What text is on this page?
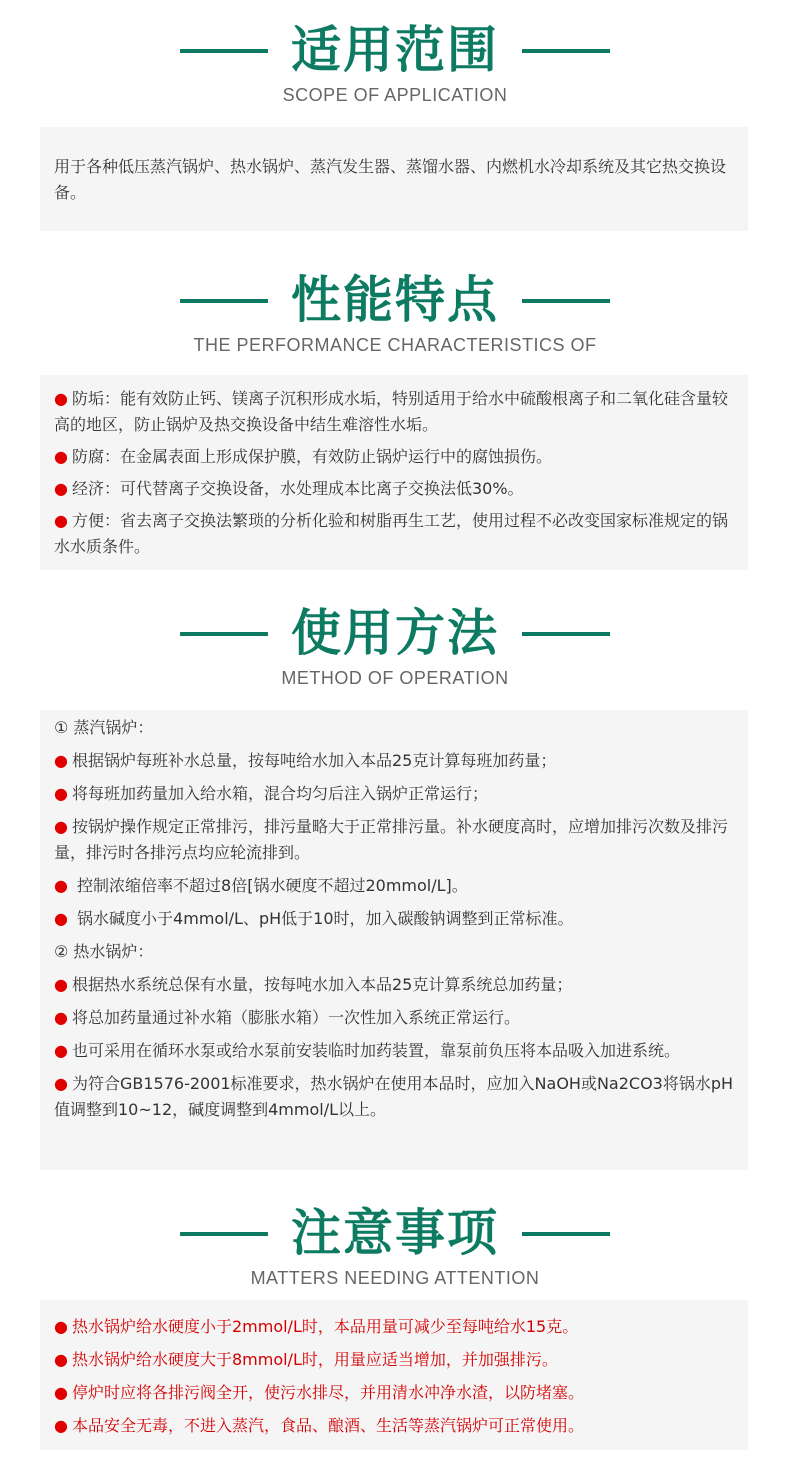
适用范围
SCOPE OF APPLICATION
用于各种低压蒸汽锅炉、热水锅炉、蒸汽发生器、蒸馏水器、内燃机水冷却系统及其它热交换设备。
性能特点
THE PERFORMANCE CHARACTERISTICS OF
● 防垢：能有效防止钙、镁离子沉积形成水垢，特别适用于给水中硫酸根离子和二氧化硅含量较高的地区，防止锅炉及热交换设备中结生难溶性水垢。
● 防腐：在金属表面上形成保护膜，有效防止锅炉运行中的腐蚀损伤。
● 经济：可代替离子交换设备，水处理成本比离子交换法低30%。
● 方便：省去离子交换法繁琐的分析化验和树脂再生工艺，使用过程不必改变国家标准规定的锅水水质条件。
使用方法
METHOD OF OPERATION
① 蒸汽锅炉：
● 根据锅炉每班补水总量，按每吨给水加入本品25克计算每班加药量；
● 将每班加药量加入给水箱，混合均匀后注入锅炉正常运行；
● 按锅炉操作规定正常排污，排污量略大于正常排污量。补水硬度高时，应增加排污次数及排污量，排污时各排污点均应轮流排到。
● 控制浓缩倍率不超过8倍[锅水硬度不超过20mmol/L]。
● 锅水碱度小于4mmol/L、pH低于10时，加入碳酸钠调整到正常标准。
② 热水锅炉：
● 根据热水系统总保有水量，按每吨水加入本品25克计算系统总加药量；
● 将总加药量通过补水箱（膨胀水箱）一次性加入系统正常运行。
● 也可采用在循环水泵或给水泵前安装临时加药装置，靠泵前负压将本品吸入加进系统。
● 为符合GB1576-2001标准要求，热水锅炉在使用本品时，应加入NaOH或Na2CO3将锅水pH值调整到10~12，碱度调整到4mmol/L以上。
注意事项
MATTERS NEEDING ATTENTION
● 热水锅炉给水硬度小于2mmol/L时，本品用量可减少至每吨给水15克。
● 热水锅炉给水硬度大于8mmol/L时，用量应适当增加，并加强排污。
● 停炉时应将各排污阀全开，使污水排尽，并用清水冲净水渣，以防堵塞。
● 本品安全无毒，不进入蒸汽，食品、酿酒、生活等蒸汽锅炉可正常使用。
